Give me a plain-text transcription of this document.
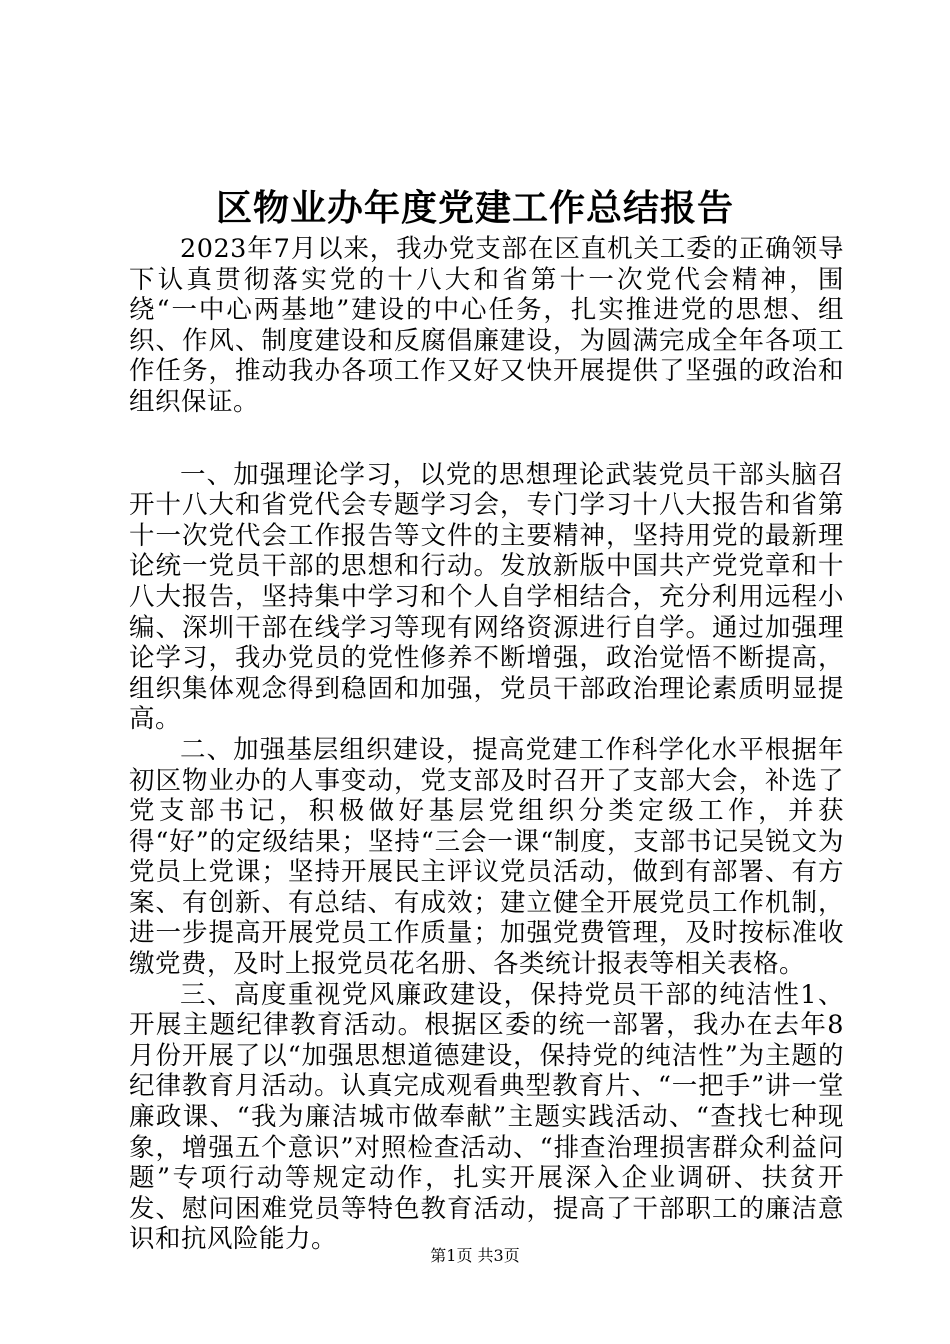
区物业办年度党建工作总结报告

2023年7月以来，我办党支部在区直机关工委的正确领导下认真贯彻落实党的十八大和省第十一次党代会精神，围绕“一中心两基地”建设的中心任务，扎实推进党的思想、组织、作风、制度建设和反腐倡廉建设，为圆满完成全年各项工作任务，推动我办各项工作又好又快开展提供了坚强的政治和组织保证。

一、加强理论学习，以党的思想理论武装党员干部头脑召开十八大和省党代会专题学习会，专门学习十八大报告和省第十一次党代会工作报告等文件的主要精神，坚持用党的最新理论统一党员干部的思想和行动。发放新版中国共产党党章和十八大报告，坚持集中学习和个人自学相结合，充分利用远程小编、深圳干部在线学习等现有网络资源进行自学。通过加强理论学习，我办党员的党性修养不断增强，政治觉悟不断提高，组织集体观念得到稳固和加强，党员干部政治理论素质明显提高。

二、加强基层组织建设，提高党建工作科学化水平根据年初区物业办的人事变动，党支部及时召开了支部大会，补选了党支部书记，积极做好基层党组织分类定级工作，并获得“好”的定级结果；坚持“三会一课“制度，支部书记吴锐文为党员上党课；坚持开展民主评议党员活动，做到有部署、有方案、有创新、有总结、有成效；建立健全开展党员工作机制，进一步提高开展党员工作质量；加强党费管理，及时按标准收缴党费，及时上报党员花名册、各类统计报表等相关表格。

三、高度重视党风廉政建设，保持党员干部的纯洁性1、开展主题纪律教育活动。根据区委的统一部署，我办在去年8月份开展了以“加强思想道德建设，保持党的纯洁性”为主题的纪律教育月活动。认真完成观看典型教育片、“一把手”讲一堂廉政课、“我为廉洁城市做奉献”主题实践活动、“查找七种现象，增强五个意识”对照检查活动、“排查治理损害群众利益问题”专项行动等规定动作，扎实开展深入企业调研、扶贫开发、慰问困难党员等特色教育活动，提高了干部职工的廉洁意识和抗风险能力。

第1页 共3页
